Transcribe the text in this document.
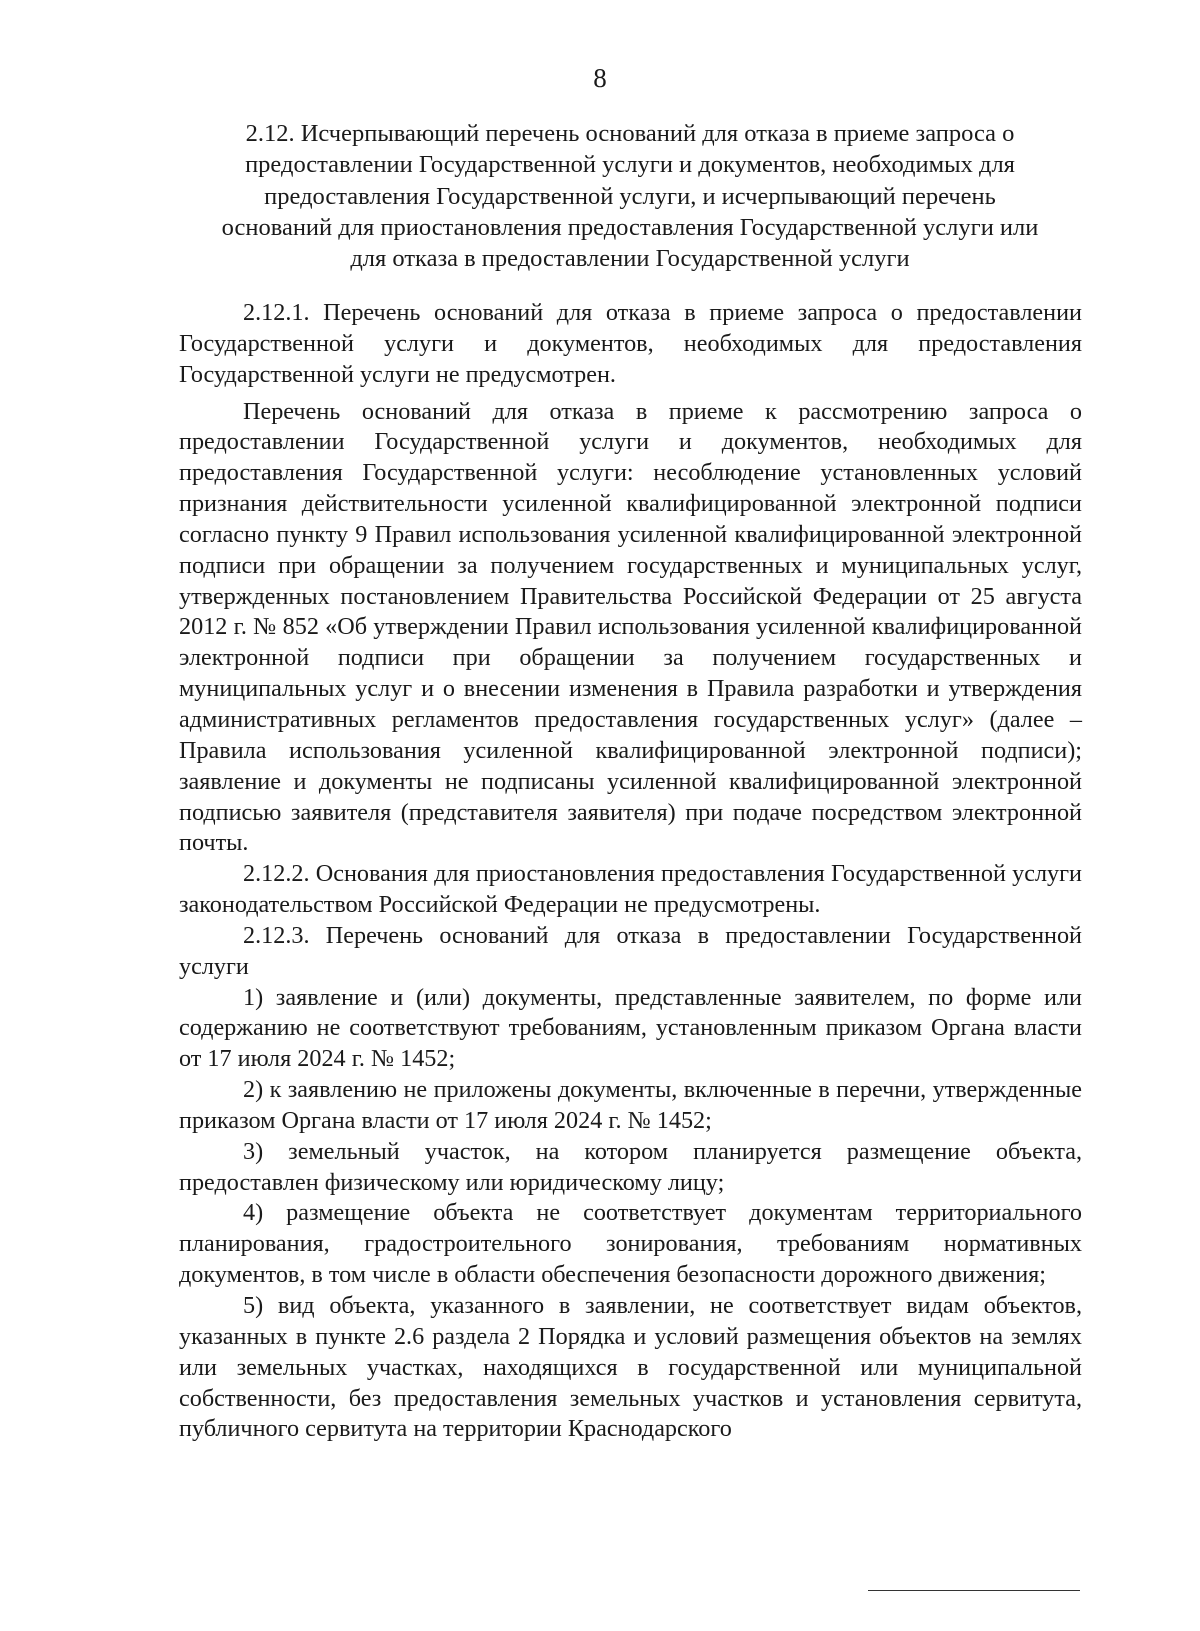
8
2.12. Исчерпывающий перечень оснований для отказа в приеме запроса о
предоставлении Государственной услуги и документов, необходимых для
предоставления Государственной услуги, и исчерпывающий перечень
оснований для приостановления предоставления Государственной услуги или
для отказа в предоставлении Государственной услуги

2.12.1. Перечень оснований для отказа в приеме запроса о предоставлении Государственной услуги и документов, необходимых для предоставления Государственной услуги не предусмотрен.

Перечень оснований для отказа в приеме к рассмотрению запроса о предоставлении Государственной услуги и документов, необходимых для предоставления Государственной услуги: несоблюдение установленных условий признания действительности усиленной квалифицированной электронной подписи согласно пункту 9 Правил использования усиленной квалифицированной электронной подписи при обращении за получением государственных и муниципальных услуг, утвержденных постановлением Правительства Российской Федерации от 25 августа 2012 г. № 852 «Об утверждении Правил использования усиленной квалифицированной электронной подписи при обращении за получением государственных и муниципальных услуг и о внесении изменения в Правила разработки и утверждения административных регламентов предоставления государственных услуг» (далее – Правила использования усиленной квалифицированной электронной подписи); заявление и документы не подписаны усиленной квалифицированной электронной подписью заявителя (представителя заявителя) при подаче посредством электронной почты.

2.12.2. Основания для приостановления предоставления Государственной услуги законодательством Российской Федерации не предусмотрены.

2.12.3. Перечень оснований для отказа в предоставлении Государственной услуги

1) заявление и (или) документы, представленные заявителем, по форме или содержанию не соответствуют требованиям, установленным приказом Органа власти от 17 июля 2024 г. № 1452;

2) к заявлению не приложены документы, включенные в перечни, утвержденные приказом Органа власти от 17 июля 2024 г. № 1452;

3) земельный участок, на котором планируется размещение объекта, предоставлен физическому или юридическому лицу;

4) размещение объекта не соответствует документам территориального планирования, градостроительного зонирования, требованиям нормативных документов, в том числе в области обеспечения безопасности дорожного движения;

5) вид объекта, указанного в заявлении, не соответствует видам объектов, указанных в пункте 2.6 раздела 2 Порядка и условий размещения объектов на землях или земельных участках, находящихся в государственной или муниципальной собственности, без предоставления земельных участков и установления сервитута, публичного сервитута на территории Краснодарского
